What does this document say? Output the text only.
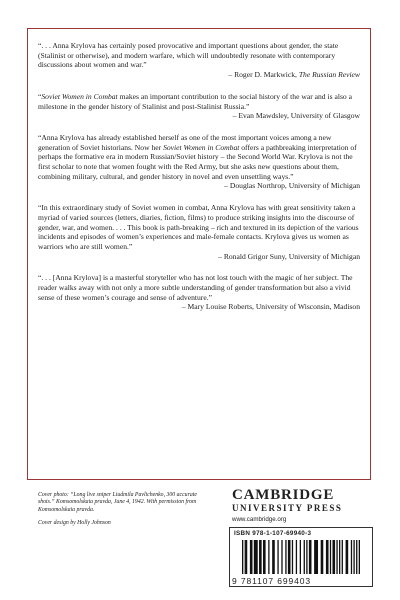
“. . . Anna Krylova has certainly posed provocative and important questions about gender, the state (Stalinist or otherwise), and modern warfare, which will undoubtedly resonate with contemporary discussions about women and war.”
– Roger D. Markwick, The Russian Review
“Soviet Women in Combat makes an important contribution to the social history of the war and is also a milestone in the gender history of Stalinist and post-Stalinist Russia.”
– Evan Mawdsley, University of Glasgow
“Anna Krylova has already established herself as one of the most important voices among a new generation of Soviet historians. Now her Soviet Women in Combat offers a pathbreaking interpretation of perhaps the formative era in modern Russian/Soviet history – the Second World War. Krylova is not the first scholar to note that women fought with the Red Army, but she asks new questions about them, combining military, cultural, and gender history in novel and even unsettling ways.”
– Douglas Northrop, University of Michigan
“In this extraordinary study of Soviet women in combat, Anna Krylova has with great sensitivity taken a myriad of varied sources (letters, diaries, fiction, films) to produce striking insights into the discourse of gender, war, and women. . . . This book is path-breaking – rich and textured in its depiction of the various incidents and episodes of women’s experiences and male-female contacts. Krylova gives us women as warriors who are still women.”
– Ronald Grigor Suny, University of Michigan
“. . . [Anna Krylova] is a masterful storyteller who has not lost touch with the magic of her subject. The reader walks away with not only a more subtle understanding of gender transformation but also a vivid sense of these women’s courage and sense of adventure.”
– Mary Louise Roberts, University of Wisconsin, Madison

Cover photo: “Long live sniper Liudmila Pavlichenko, 300 accurate shots.” Komsomolskaia pravda, June 4, 1942. With permission from Komsomolskaia pravda.

Cover design by Holly Johnson

CAMBRIDGE
UNIVERSITY PRESS
www.cambridge.org
ISBN 978-1-107-69940-3
9 781107 699403
